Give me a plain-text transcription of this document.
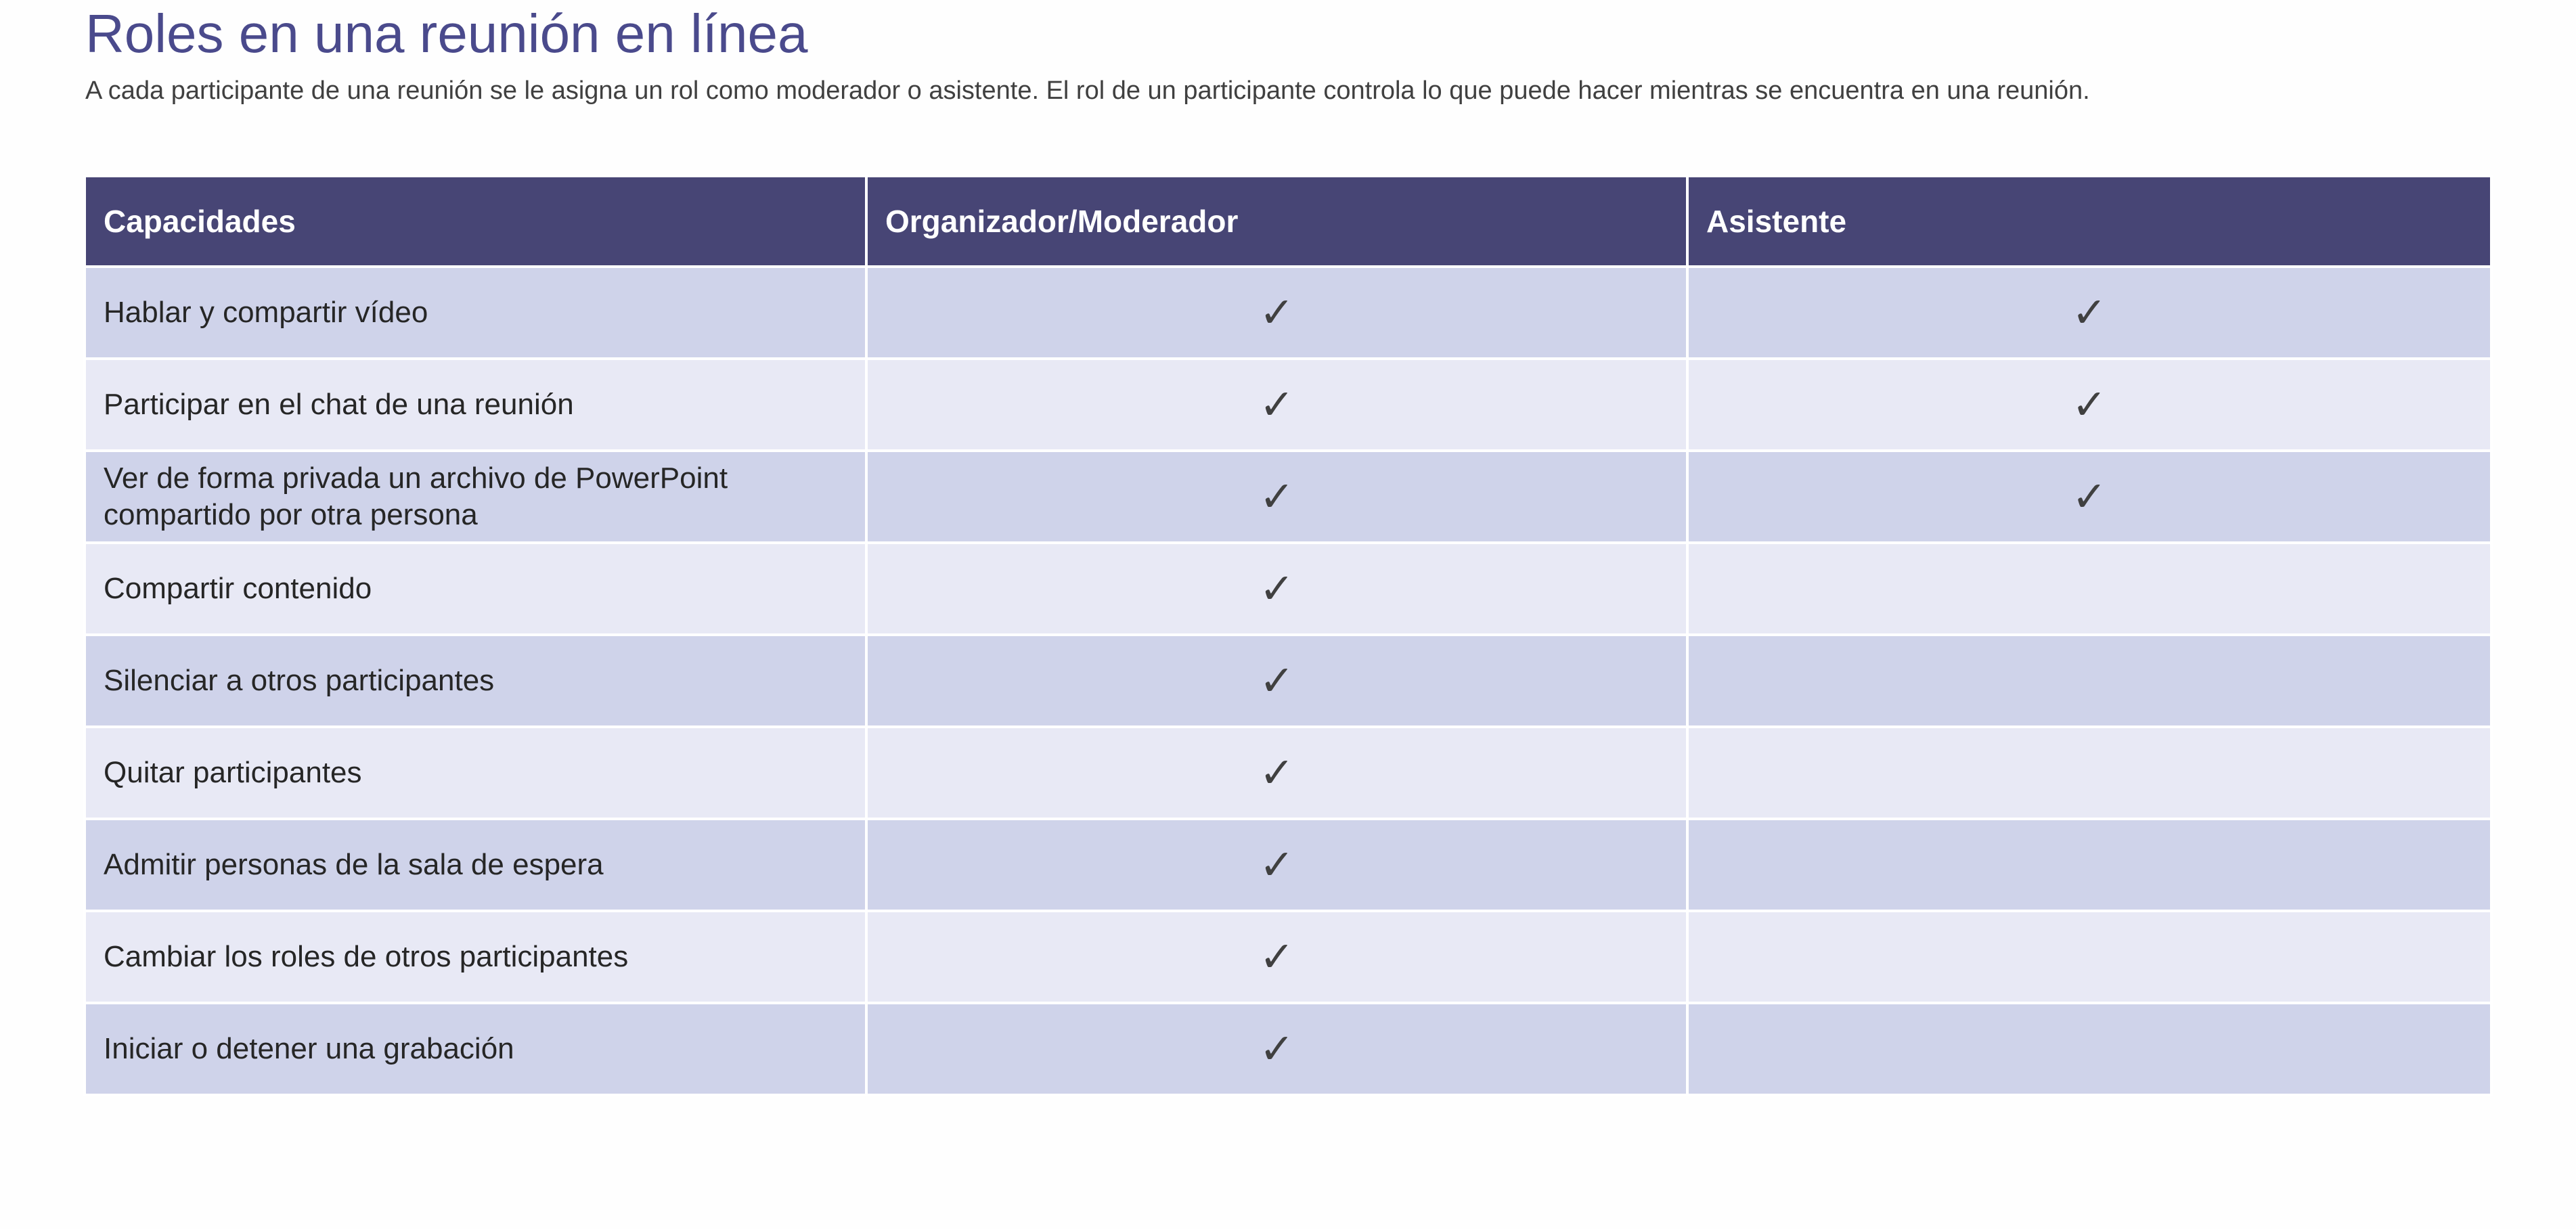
Roles en una reunión en línea

A cada participante de una reunión se le asigna un rol como moderador o asistente. El rol de un participante controla lo que puede hacer mientras se encuentra en una reunión.

Capacidades	Organizador/Moderador	Asistente
Hablar y compartir vídeo	✓	✓
Participar en el chat de una reunión	✓	✓
Ver de forma privada un archivo de PowerPoint compartido por otra persona	✓	✓
Compartir contenido	✓	
Silenciar a otros participantes	✓	
Quitar participantes	✓	
Admitir personas de la sala de espera	✓	
Cambiar los roles de otros participantes	✓	
Iniciar o detener una grabación	✓	
